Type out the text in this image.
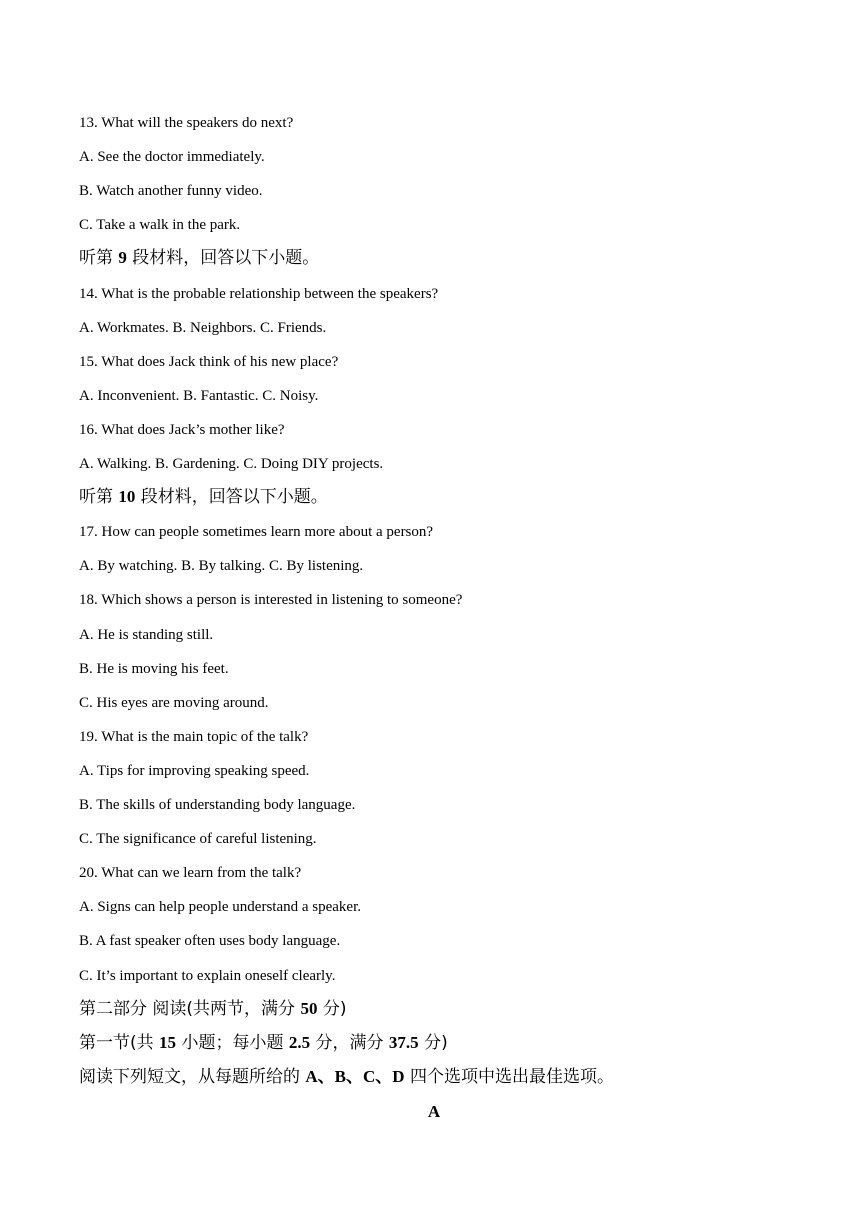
13. What will the speakers do next?
A. See the doctor immediately.
B. Watch another funny video.
C. Take a walk in the park.
听第 9 段材料，回答以下小题。
14. What is the probable relationship between the speakers?
A. Workmates. B. Neighbors. C. Friends.
15. What does Jack think of his new place?
A. Inconvenient. B. Fantastic. C. Noisy.
16. What does Jack’s mother like?
A. Walking. B. Gardening. C. Doing DIY projects.
听第 10 段材料，回答以下小题。
17. How can people sometimes learn more about a person?
A. By watching. B. By talking. C. By listening.
18. Which shows a person is interested in listening to someone?
A. He is standing still.
B. He is moving his feet.
C. His eyes are moving around.
19. What is the main topic of the talk?
A. Tips for improving speaking speed.
B. The skills of understanding body language.
C. The significance of careful listening.
20. What can we learn from the talk?
A. Signs can help people understand a speaker.
B. A fast speaker often uses body language.
C. It’s important to explain oneself clearly.
第二部分 阅读(共两节，满分 50 分)
第一节(共 15 小题；每小题 2.5 分，满分 37.5 分)
阅读下列短文，从每题所给的 A、B、C、D 四个选项中选出最佳选项。
A
